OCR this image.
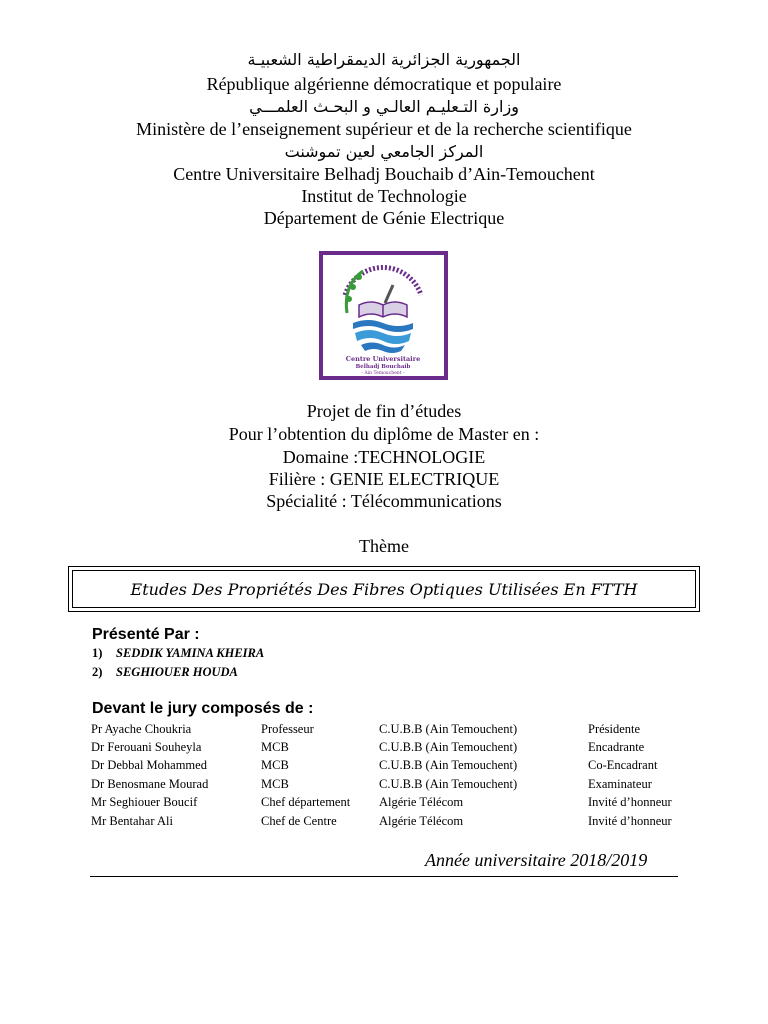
الجمهورية الجزائرية الديمقراطية الشعبيـة
République algérienne démocratique et populaire
وزارة التـعليـم العالـي و البحـث العلمـــي
Ministère de l’enseignement supérieur et de la recherche scientifique
المركز الجامعي لعين تموشنت
Centre Universitaire Belhadj Bouchaib d’Ain-Temouchent
Institut de Technologie
Département de Génie Electrique
Centre Universitaire
Belhadj Bouchaib
- Ain Temouchent -
Projet de fin d’études
Pour l’obtention du diplôme de Master en :
Domaine :TECHNOLOGIE
Filière : GENIE ELECTRIQUE
Spécialité : Télécommunications
Thème
Etudes Des Propriétés Des Fibres Optiques Utilisées En FTTH
Présenté Par :
1) SEDDIK YAMINA KHEIRA
2) SEGHIOUER HOUDA
Devant le jury composés de :
Pr Ayache Choukria	Professeur	C.U.B.B (Ain Temouchent)	Présidente
Dr Ferouani Souheyla	MCB	C.U.B.B (Ain Temouchent)	Encadrante
Dr Debbal Mohammed	MCB	C.U.B.B (Ain Temouchent)	Co-Encadrant
Dr Benosmane Mourad	MCB	C.U.B.B (Ain Temouchent)	Examinateur
Mr Seghiouer Boucif	Chef département	Algérie Télécom	Invité d’honneur
Mr Bentahar Ali	Chef de Centre	Algérie Télécom	Invité d’honneur
Année universitaire 2018/2019
